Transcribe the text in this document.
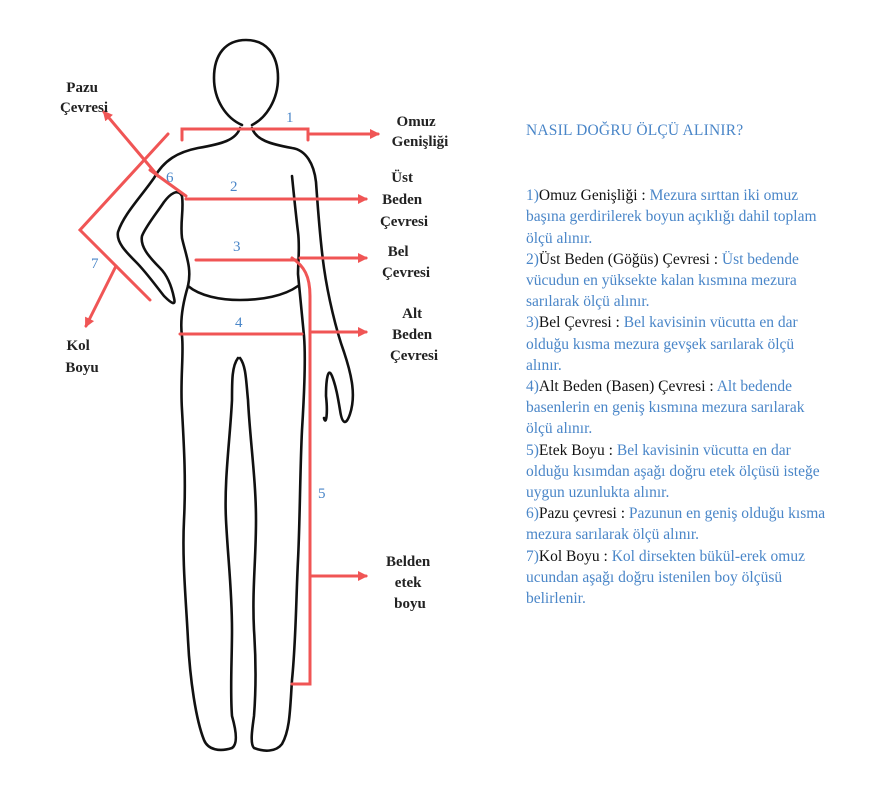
1
2
3
4
5
6
7
Omuz Genişliği
Üst Beden Çevresi
Bel Çevresi
Alt Beden Çevresi
Belden etek boyu
Pazu Çevresi
Kol Boyu
NASIL DOĞRU ÖLÇÜ ALINIR?

1)Omuz Genişliği : Mezura sırttan iki omuz başına gerdirilerek boyun açıklığı dahil toplam ölçü alınır.

2)Üst Beden (Göğüs) Çevresi : Üst bedende vücudun en yüksekte kalan kısmına mezura sarılarak ölçü alınır.

3)Bel Çevresi : Bel kavisinin vücutta en dar olduğu kısma mezura gevşek sarılarak ölçü alınır.

4)Alt Beden (Basen) Çevresi : Alt bedende basenlerin en geniş kısmına mezura sarılarak ölçü alınır.

5)Etek Boyu : Bel kavisinin vücutta en dar olduğu kısımdan aşağı doğru etek ölçüsü isteğe uygun uzunlukta alınır.

6)Pazu çevresi : Pazunun en geniş olduğu kısma mezura sarılarak ölçü alınır.

7)Kol Boyu : Kol dirsekten bükül-erek omuz ucundan aşağı doğru istenilen boy ölçüsü belirlenir.
